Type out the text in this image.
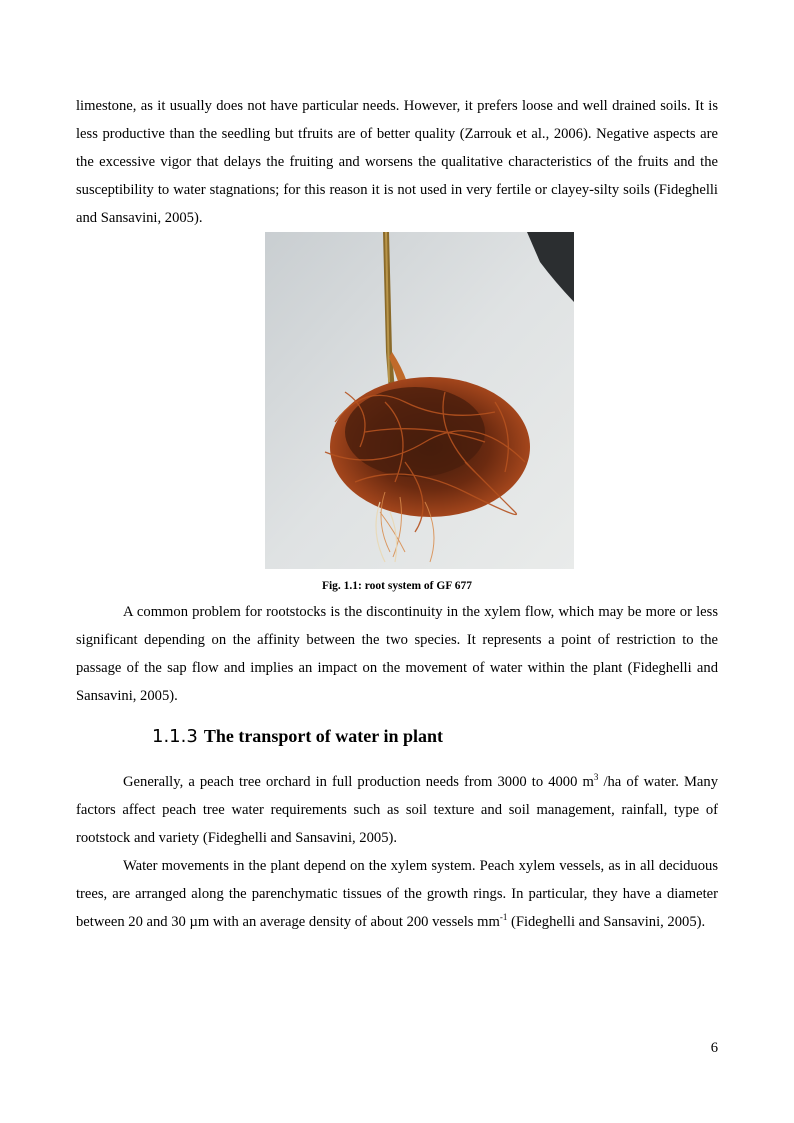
limestone, as it usually does not have particular needs. However, it prefers loose and well drained soils. It is less productive than the seedling but tfruits are of better quality (Zarrouk et al., 2006). Negative aspects are the excessive vigor that delays the fruiting and worsens the qualitative characteristics of the fruits and the susceptibility to water stagnations; for this reason it is not used in very fertile or clayey-silty soils (Fideghelli and Sansavini, 2005).

Fig. 1.1: root system of GF 677

A common problem for rootstocks is the discontinuity in the xylem flow, which may be more or less significant depending on the affinity between the two species. It represents a point of restriction to the passage of the sap flow and implies an impact on the movement of water within the plant (Fideghelli and Sansavini, 2005).

1.1.3 The transport of water in plant

Generally, a peach tree orchard in full production needs from 3000 to 4000 $m^3$ /ha of water. Many factors affect peach tree water requirements such as soil texture and soil management, rainfall, type of rootstock and variety (Fideghelli and Sansavini, 2005).

Water movements in the plant depend on the xylem system. Peach xylem vessels, as in all deciduous trees, are arranged along the parenchymatic tissues of the growth rings. In particular, they have a diameter between 20 and 30 µm with an average density of about 200 vessels $mm^{-1}$ (Fideghelli and Sansavini, 2005).

6
